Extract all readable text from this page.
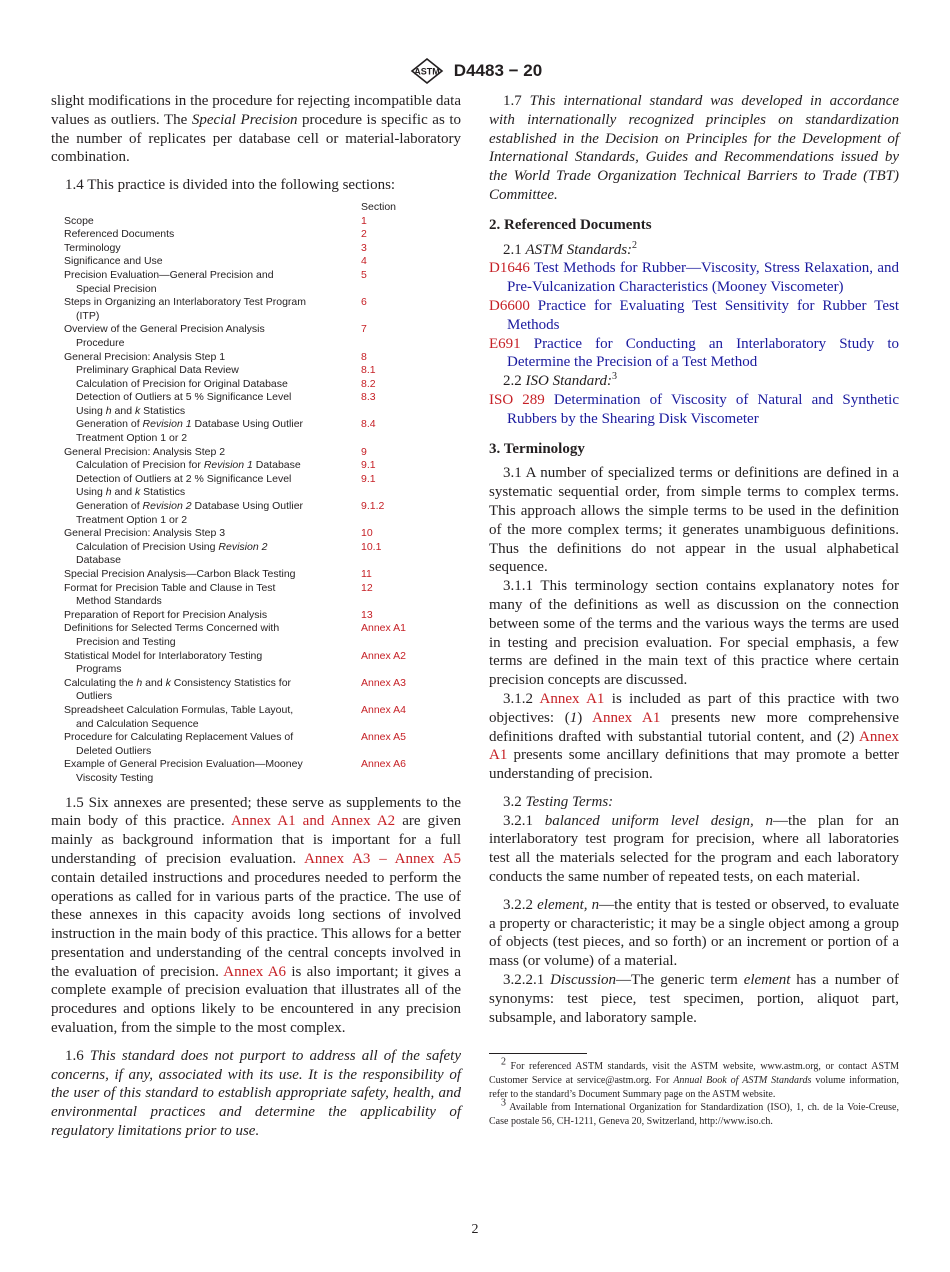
ASTM D4483 − 20

slight modifications in the procedure for rejecting incompatible data values as outliers. The Special Precision procedure is specific as to the number of replicates per database cell or material-laboratory combination.

1.4 This practice is divided into the following sections:

	Section

Scope	1

Referenced Documents	2

Terminology	3

Significance and Use	4

Precision Evaluation—General Precision and
Special Precision	5

Steps in Organizing an Interlaboratory Test Program
(ITP)	6

Overview of the General Precision Analysis
Procedure	7

General Precision: Analysis Step 1	8

Preliminary Graphical Data Review	8.1

Calculation of Precision for Original Database	8.2

Detection of Outliers at 5 % Significance Level
Using h and k Statistics	8.3

Generation of Revision 1 Database Using Outlier
Treatment Option 1 or 2	8.4

General Precision: Analysis Step 2	9

Calculation of Precision for Revision 1 Database	9.1

Detection of Outliers at 2 % Significance Level
Using h and k Statistics	9.1

Generation of Revision 2 Database Using Outlier
Treatment Option 1 or 2	9.1.2

General Precision: Analysis Step 3	10

Calculation of Precision Using Revision 2
Database	10.1

Special Precision Analysis—Carbon Black Testing	11

Format for Precision Table and Clause in Test
Method Standards	12

Preparation of Report for Precision Analysis	13

Definitions for Selected Terms Concerned with
Precision and Testing	Annex A1

Statistical Model for Interlaboratory Testing
Programs	Annex A2

Calculating the h and k Consistency Statistics for
Outliers	Annex A3

Spreadsheet Calculation Formulas, Table Layout,
and Calculation Sequence	Annex A4

Procedure for Calculating Replacement Values of
Deleted Outliers	Annex A5

Example of General Precision Evaluation—Mooney
Viscosity Testing	Annex A6

1.5 Six annexes are presented; these serve as supplements to the main body of this practice. Annex A1 and Annex A2 are given mainly as background information that is important for a full understanding of precision evaluation. Annex A3 – Annex A5 contain detailed instructions and procedures needed to perform the operations as called for in various parts of the practice. The use of these annexes in this capacity avoids long sections of involved instruction in the main body of this practice. This allows for a better presentation and understanding of the central concepts involved in the evaluation of precision. Annex A6 is also important; it gives a complete example of precision evaluation that illustrates all of the procedures and options likely to be encountered in any precision evaluation, from the simple to the most complex.

1.6 This standard does not purport to address all of the safety concerns, if any, associated with its use. It is the responsibility of the user of this standard to establish appropriate safety, health, and environmental practices and determine the applicability of regulatory limitations prior to use.

1.7 This international standard was developed in accordance with internationally recognized principles on standardization established in the Decision on Principles for the Development of International Standards, Guides and Recommendations issued by the World Trade Organization Technical Barriers to Trade (TBT) Committee.

2. Referenced Documents

2.1 ASTM Standards:$^2$

D1646 Test Methods for Rubber—Viscosity, Stress Relaxation, and Pre-Vulcanization Characteristics (Mooney Viscometer)

D6600 Practice for Evaluating Test Sensitivity for Rubber Test Methods

E691 Practice for Conducting an Interlaboratory Study to Determine the Precision of a Test Method

2.2 ISO Standard:$^3$

ISO 289 Determination of Viscosity of Natural and Synthetic Rubbers by the Shearing Disk Viscometer

3. Terminology

3.1 A number of specialized terms or definitions are defined in a systematic sequential order, from simple terms to complex terms. This approach allows the simple terms to be used in the definition of the more complex terms; it generates unambiguous definitions. Thus the definitions do not appear in the usual alphabetical sequence.

3.1.1 This terminology section contains explanatory notes for many of the definitions as well as discussion on the connection between some of the terms and the various ways the terms are used in testing and precision evaluation. For special emphasis, a few terms are defined in the main text of this practice where certain precision concepts are discussed.

3.1.2 Annex A1 is included as part of this practice with two objectives: (1) Annex A1 presents new more comprehensive definitions drafted with substantial tutorial content, and (2) Annex A1 presents some ancillary definitions that may promote a better understanding of precision.

3.2 Testing Terms:

3.2.1 balanced uniform level design, n—the plan for an interlaboratory test program for precision, where all laboratories test all the materials selected for the program and each laboratory conducts the same number of repeated tests, on each material.

3.2.2 element, n—the entity that is tested or observed, to evaluate a property or characteristic; it may be a single object among a group of objects (test pieces, and so forth) or an increment or portion of a mass (or volume) of a material.

3.2.2.1 Discussion—The generic term element has a number of synonyms: test piece, test specimen, portion, aliquot part, subsample, and laboratory sample.

$^2$ For referenced ASTM standards, visit the ASTM website, www.astm.org, or contact ASTM Customer Service at service@astm.org. For Annual Book of ASTM Standards volume information, refer to the standard’s Document Summary page on the ASTM website.

$^3$ Available from International Organization for Standardization (ISO), 1, ch. de la Voie-Creuse, Case postale 56, CH-1211, Geneva 20, Switzerland, http://www.iso.ch.

2
